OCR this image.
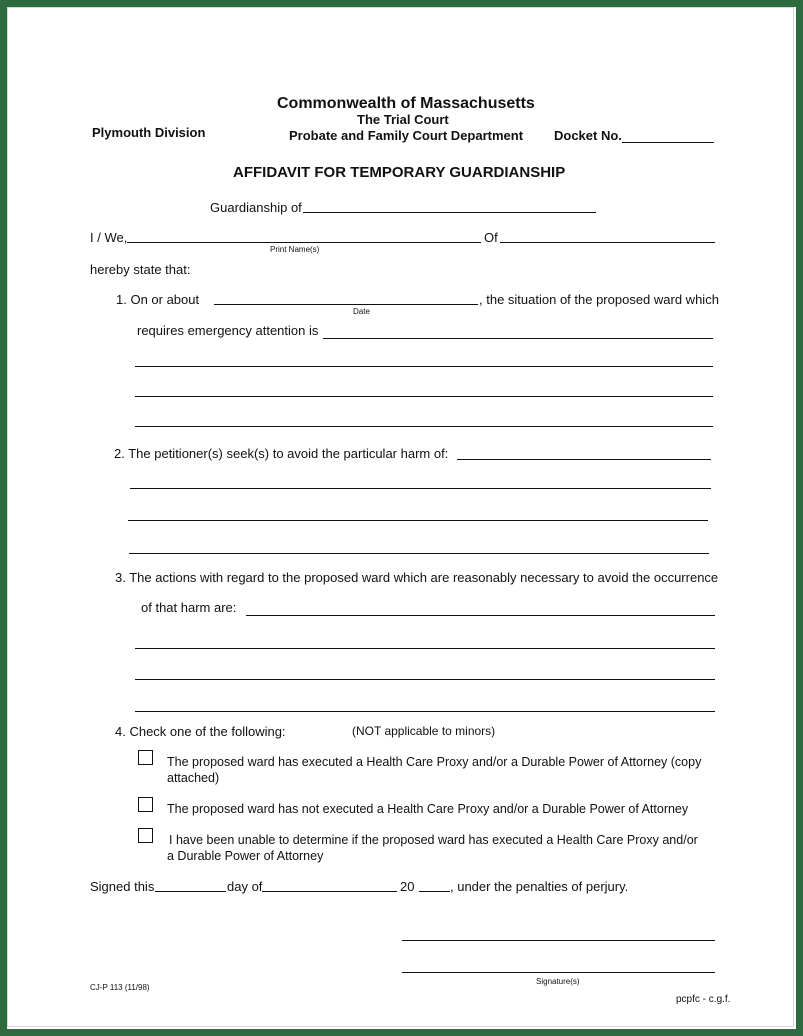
Commonwealth of Massachusetts
The Trial Court
Probate and Family Court Department
Plymouth Division	Docket No.
AFFIDAVIT FOR TEMPORARY GUARDIANSHIP
Guardianship of
I / We,
Print Name(s)
Of
hereby state that:
1. On or about
Date
, the situation of the proposed ward which
requires emergency attention is
2. The petitioner(s) seek(s) to avoid the particular harm of:
3. The actions with regard to the proposed ward which are reasonably necessary to avoid the occurrence
of that harm are:
4. Check one of the following:	(NOT applicable to minors)
The proposed ward has executed a Health Care Proxy and/or a Durable Power of Attorney (copy
attached)
The proposed ward has not executed a Health Care Proxy and/or a Durable Power of Attorney
I have been unable to determine if the proposed ward has executed a Health Care Proxy and/or
a Durable Power of Attorney
Signed this	day of	20	, under the penalties of perjury.
Signature(s)
CJ-P 113 (11/98)
pcpfc - c.g.f.
